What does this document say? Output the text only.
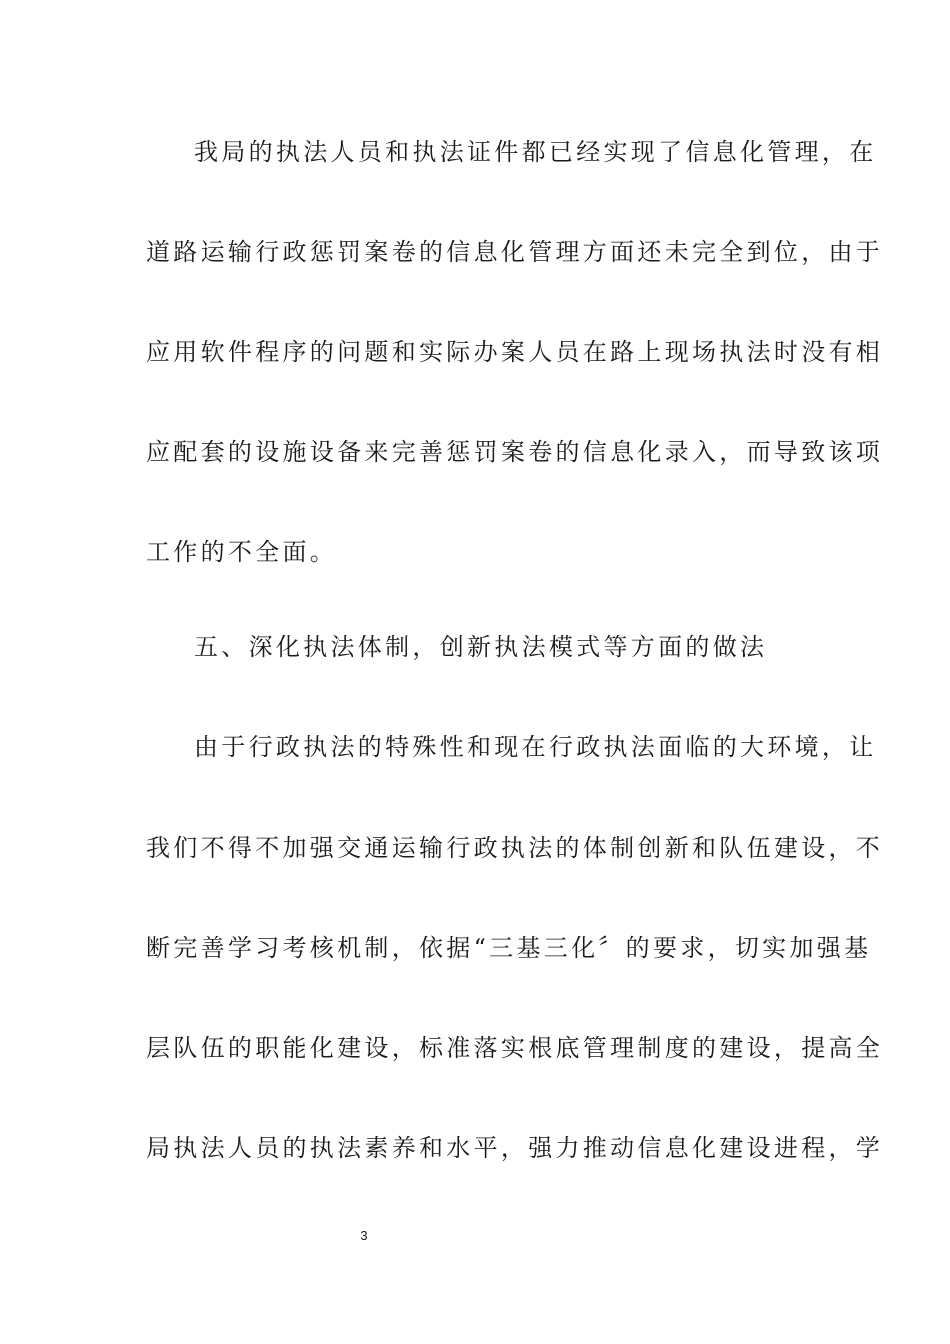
我局的执法人员和执法证件都已经实现了信息化管理，在
道路运输行政惩罚案卷的信息化管理方面还未完全到位，由于
应用软件程序的问题和实际办案人员在路上现场执法时没有相
应配套的设施设备来完善惩罚案卷的信息化录入，而导致该项
工作的不全面。
五、深化执法体制，创新执法模式等方面的做法
由于行政执法的特殊性和现在行政执法面临的大环境，让
我们不得不加强交通运输行政执法的体制创新和队伍建设，不
断完善学习考核机制，依据“三基三化〞的要求，切实加强基
层队伍的职能化建设，标准落实根底管理制度的建设，提高全
局执法人员的执法素养和水平，强力推动信息化建设进程，学
3
